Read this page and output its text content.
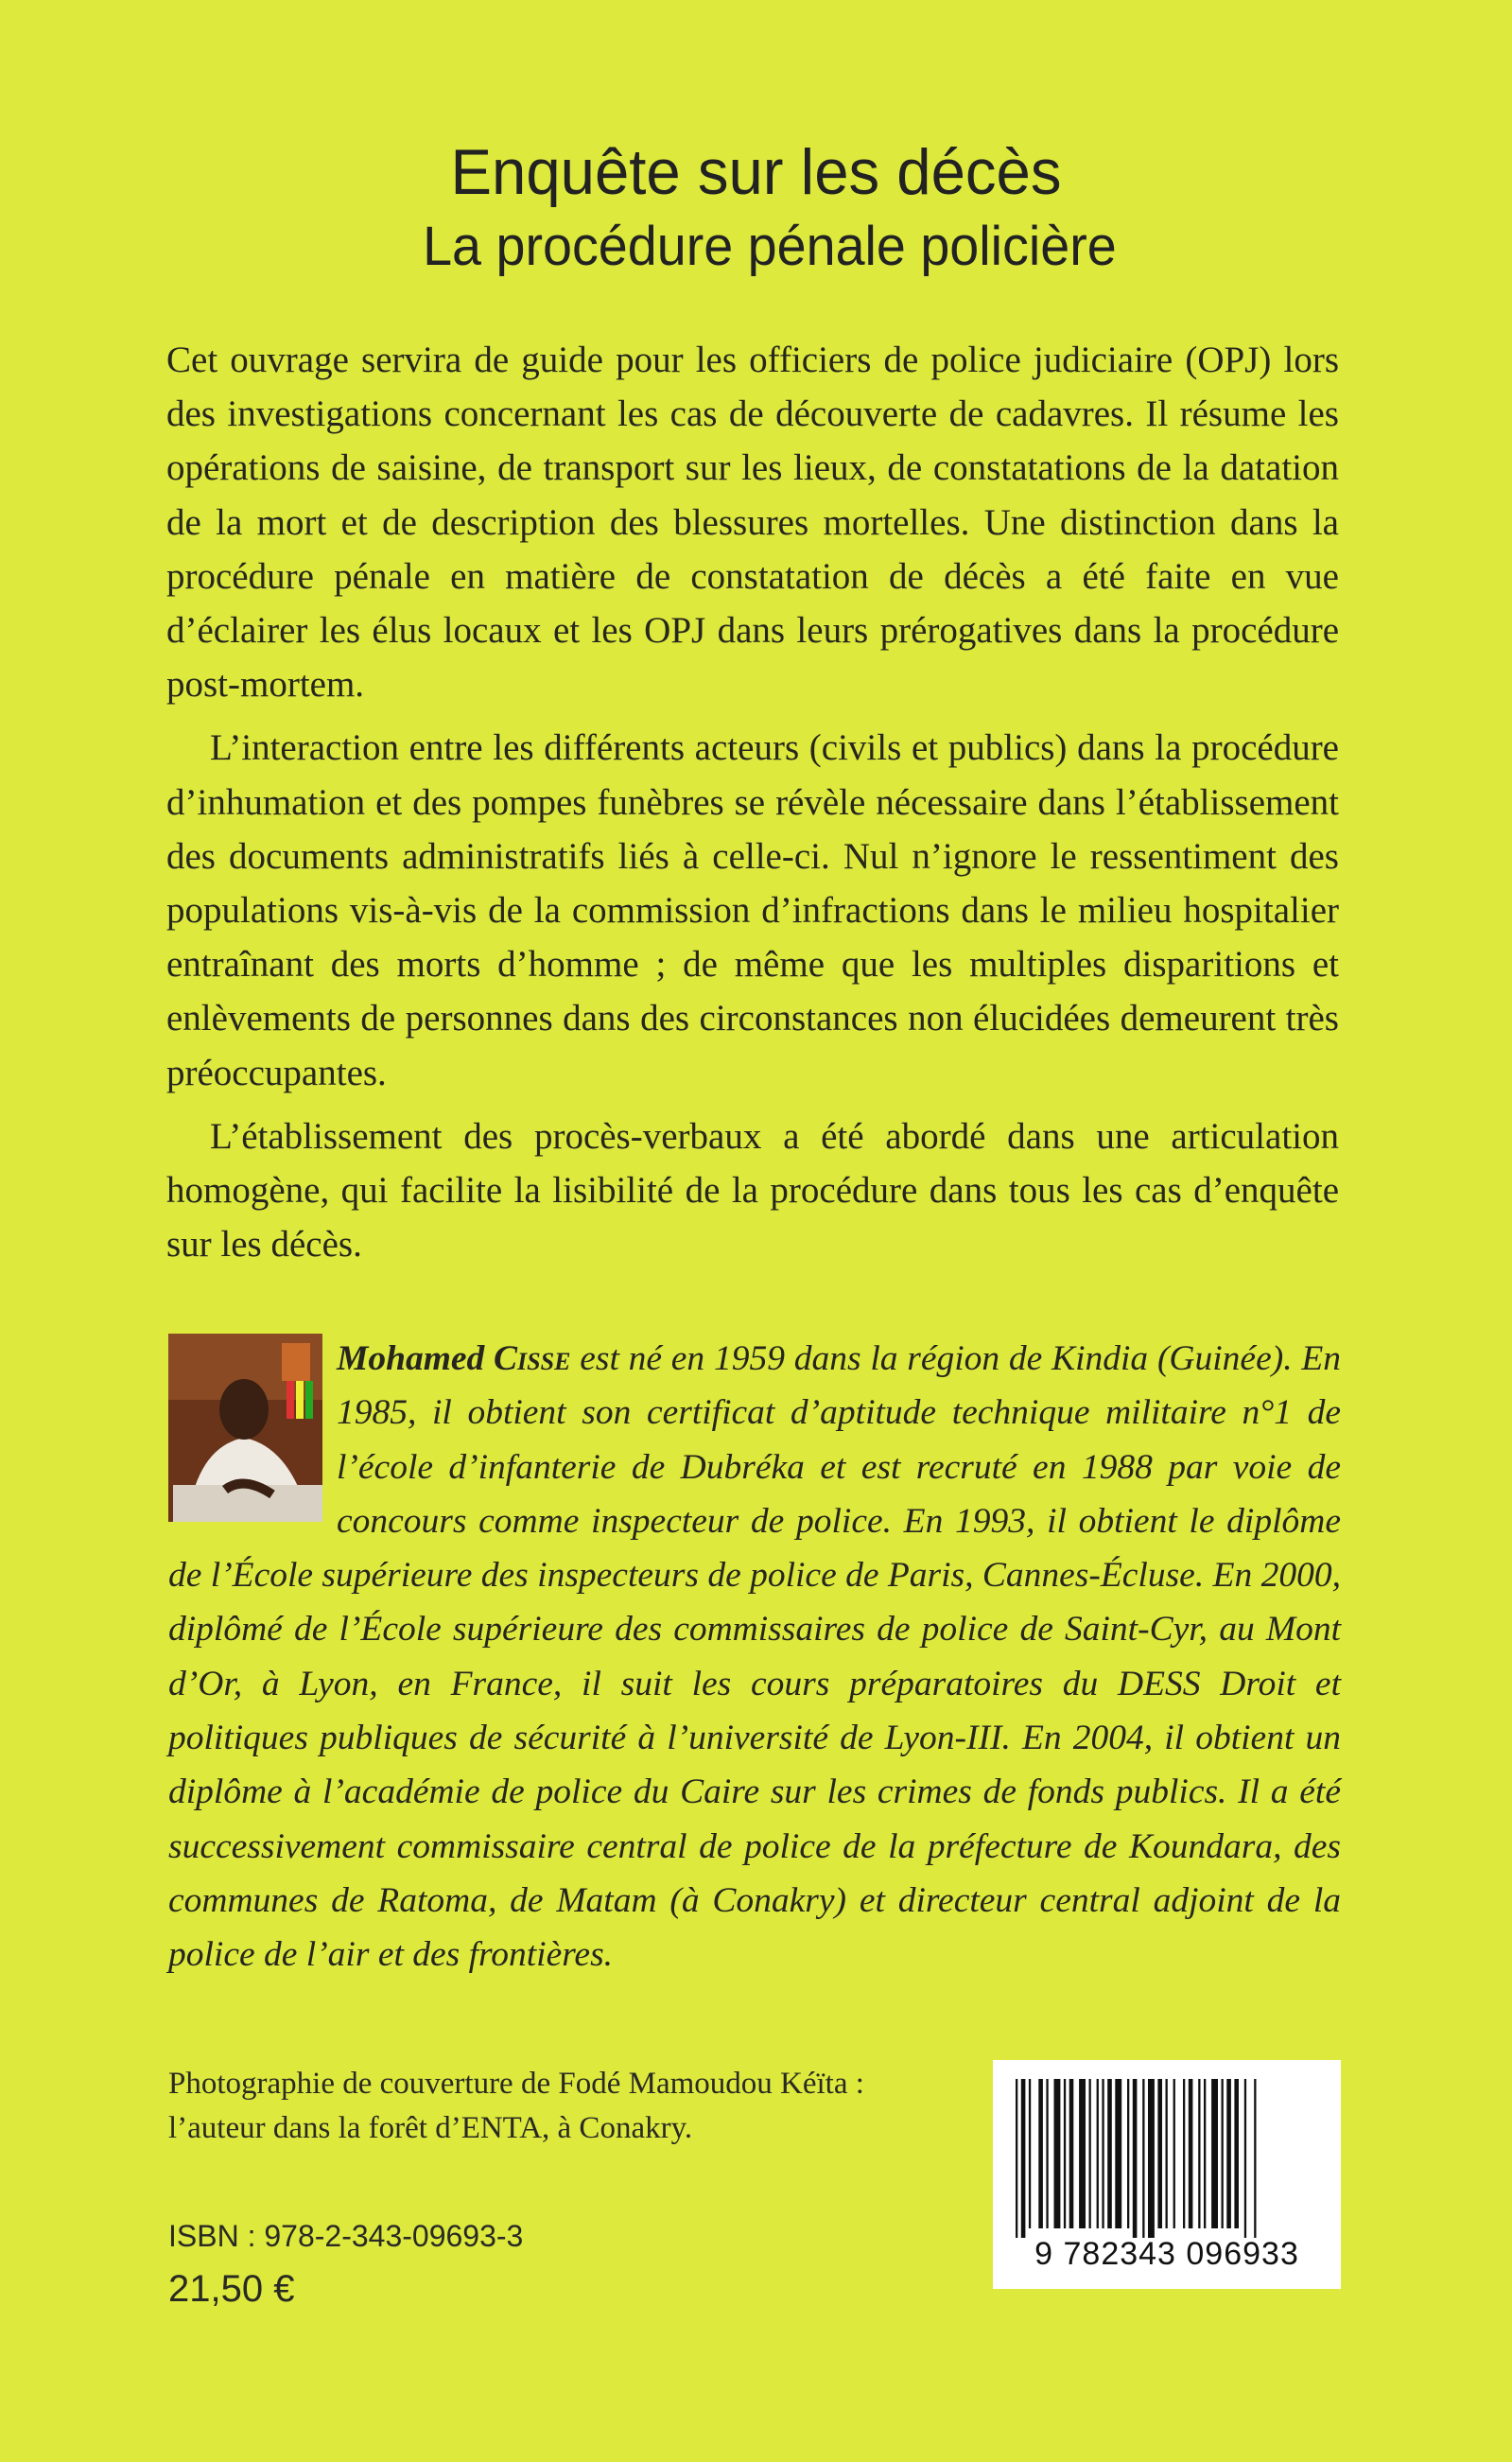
Enquête sur les décès
La procédure pénale policière

Cet ouvrage servira de guide pour les officiers de police judiciaire (OPJ) lors des investigations concernant les cas de découverte de cadavres. Il résume les opérations de saisine, de transport sur les lieux, de constatations de la datation de la mort et de description des blessures mortelles. Une distinction dans la procédure pénale en matière de constatation de décès a été faite en vue d’éclairer les élus locaux et les OPJ dans leurs prérogatives dans la procédure post-mortem.

L’interaction entre les différents acteurs (civils et publics) dans la procédure d’inhumation et des pompes funèbres se révèle nécessaire dans l’établissement des documents administratifs liés à celle-ci. Nul n’ignore le ressentiment des populations vis-à-vis de la commission d’infractions dans le milieu hospitalier entraînant des morts d’homme ; de même que les multiples disparitions et enlèvements de personnes dans des circonstances non élucidées demeurent très préoccupantes.

L’établissement des procès-verbaux a été abordé dans une articulation homogène, qui facilite la lisibilité de la procédure dans tous les cas d’enquête sur les décès.

Mohamed Cisse est né en 1959 dans la région de Kindia (Guinée). En 1985, il obtient son certificat d’aptitude technique militaire n°1 de l’école d’infanterie de Dubréka et est recruté en 1988 par voie de concours comme inspecteur de police. En 1993, il obtient le diplôme de l’École supérieure des inspecteurs de police de Paris, Cannes-Écluse. En 2000, diplômé de l’École supérieure des commissaires de police de Saint-Cyr, au Mont d’Or, à Lyon, en France, il suit les cours préparatoires du DESS Droit et politiques publiques de sécurité à l’université de Lyon-III. En 2004, il obtient un diplôme à l’académie de police du Caire sur les crimes de fonds publics. Il a été successivement commissaire central de police de la préfecture de Koundara, des communes de Ratoma, de Matam (à Conakry) et directeur central adjoint de la police de l’air et des frontières.
Photographie de couverture de Fodé Mamoudou Kéïta :
l’auteur dans la forêt d’ENTA, à Conakry.
ISBN : 978-2-343-09693-3
21,50 €
9 782343 096933
